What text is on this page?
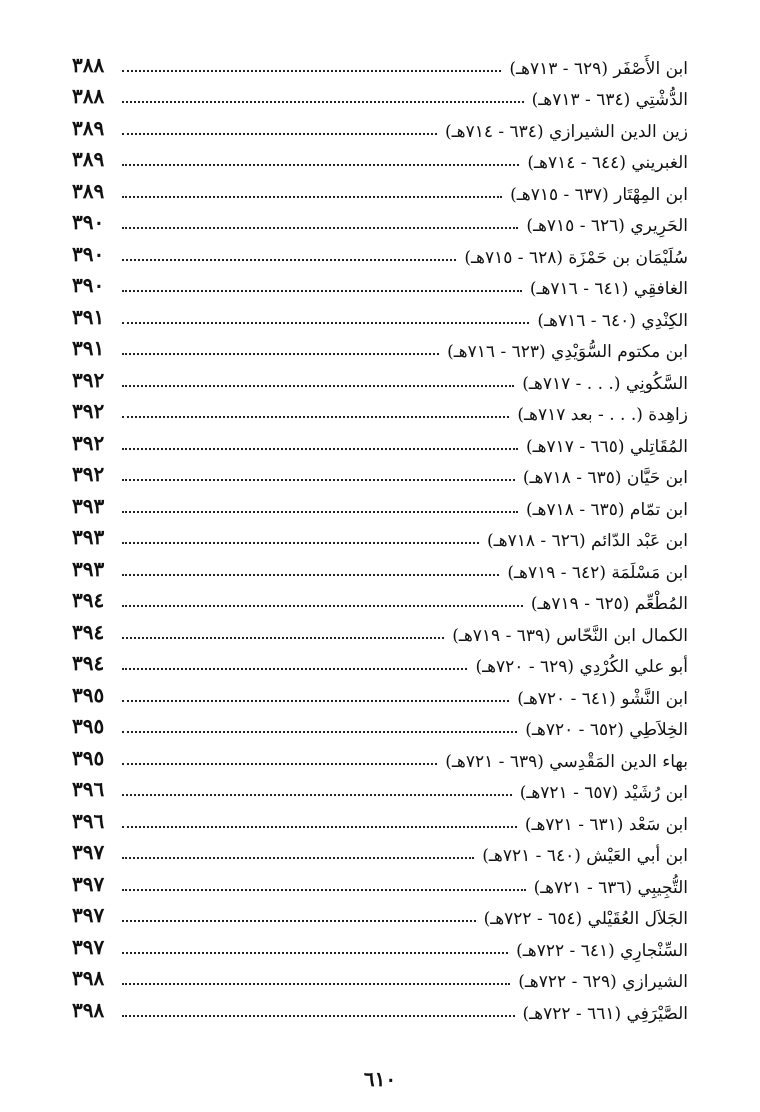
٣٨٨	ابن الأَصْفَر (٦٢٩ - ٧١٣هـ)
٣٨٨	الدُّشْتِي (٦٣٤ - ٧١٣هـ)
٣٨٩	زين الدين الشيرازي (٦٣٤ - ٧١٤هـ)
٣٨٩	الغبريني (٦٤٤ - ٧١٤هـ)
٣٨٩	ابن المِهْتَار (٦٣٧ - ٧١٥هـ)
٣٩٠	الحَرِيري (٦٢٦ - ٧١٥هـ)
٣٩٠	سُلَيْمَان بن حَمْزَة (٦٢٨ - ٧١٥هـ)
٣٩٠	الغافقِي (٦٤١ - ٧١٦هـ)
٣٩١	الكِنْدِي (٦٤٠ - ٧١٦هـ)
٣٩١	ابن مكتوم السُّوَيْدِي (٦٢٣ - ٧١٦هـ)
٣٩٢	السَّكُونِي (. . . - ٧١٧هـ)
٣٩٢	زاهِدة (. . . - بعد ٧١٧هـ)
٣٩٢	المُقَاتِلي (٦٦٥ - ٧١٧هـ)
٣٩٢	ابن حَيَّان (٦٣٥ - ٧١٨هـ)
٣٩٣	ابن تمّام (٦٣٥ - ٧١٨هـ)
٣٩٣	ابن عَبْد الدّائم (٦٢٦ - ٧١٨هـ)
٣٩٣	ابن مَسْلَمَة (٦٤٢ - ٧١٩هـ)
٣٩٤	المُطْعِّم (٦٢٥ - ٧١٩هـ)
٣٩٤	الكمال ابن النَّحّاس (٦٣٩ - ٧١٩هـ)
٣٩٤	أبو علي الكُرْدِي (٦٢٩ - ٧٢٠هـ)
٣٩٥	ابن النَّشْو (٦٤١ - ٧٢٠هـ)
٣٩٥	الخِلاَطِي (٦٥٢ - ٧٢٠هـ)
٣٩٥	بهاء الدين المَقْدِسي (٦٣٩ - ٧٢١هـ)
٣٩٦	ابن رُشَيْد (٦٥٧ - ٧٢١هـ)
٣٩٦	ابن سَعْد (٦٣١ - ٧٢١هـ)
٣٩٧	ابن أبي العَيْش (٦٤٠ - ٧٢١هـ)
٣٩٧	التُّجِيبِي (٦٣٦ - ٧٢١هـ)
٣٩٧	الجَلاَل العُقَيْلي (٦٥٤ - ٧٢٢هـ)
٣٩٧	السِّنْجارِي (٦٤١ - ٧٢٢هـ)
٣٩٨	الشيرازي (٦٢٩ - ٧٢٢هـ)
٣٩٨	الصَّيْرَفِي (٦٦١ - ٧٢٢هـ)
٦١٠
